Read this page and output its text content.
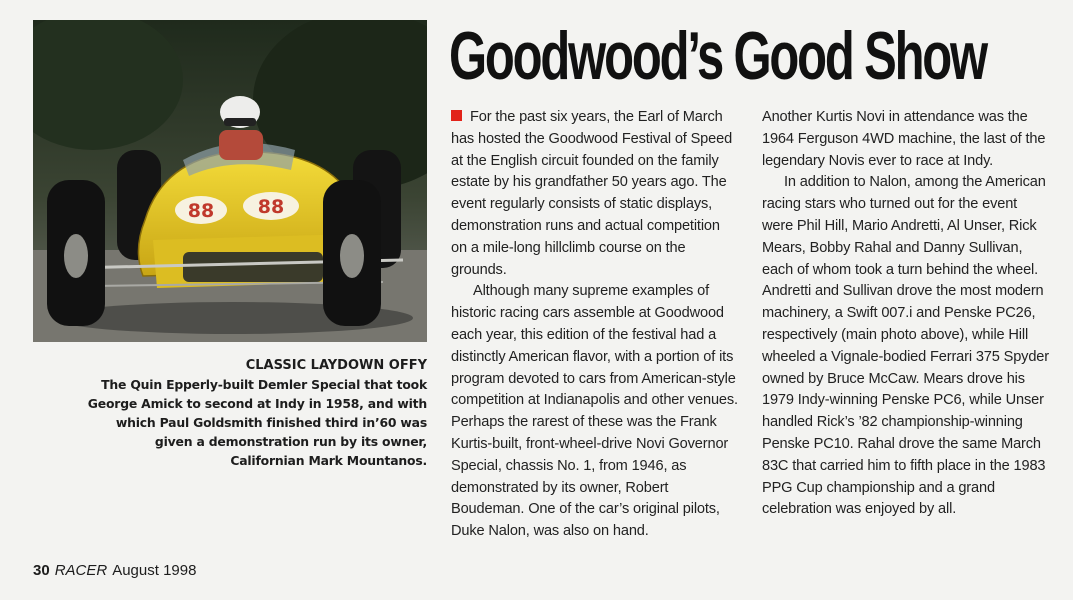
88 88
CLASSIC LAYDOWN OFFY

The Quin Epperly-built Demler Special that took George Amick to second at Indy in 1958, and with which Paul Goldsmith finished third in’60 was given a demonstration run by its owner, Californian Mark Mountanos.

Goodwood’s Good Show

For the past six years, the Earl of March has hosted the Goodwood Festival of Speed at the English circuit founded on the family estate by his grandfather 50 years ago. The event regularly consists of static displays, demonstration runs and actual competition on a mile-long hillclimb course on the grounds.

Although many supreme examples of historic racing cars assemble at Goodwood each year, this edition of the festival had a distinctly American flavor, with a portion of its program devoted to cars from American-style competition at Indianapolis and other venues. Perhaps the rarest of these was the Frank Kurtis-built, front-wheel-drive Novi Governor Special, chassis No. 1, from 1946, as demonstrated by its owner, Robert Boudeman. One of the car’s original pilots, Duke Nalon, was also on hand.

Another Kurtis Novi in attendance was the 1964 Ferguson 4WD machine, the last of the legendary Novis ever to race at Indy.

In addition to Nalon, among the American racing stars who turned out for the event were Phil Hill, Mario Andretti, Al Unser, Rick Mears, Bobby Rahal and Danny Sullivan, each of whom took a turn behind the wheel. Andretti and Sullivan drove the most modern machinery, a Swift 007.i and Penske PC26, respectively (main photo above), while Hill wheeled a Vignale-bodied Ferrari 375 Spyder owned by Bruce McCaw. Mears drove his 1979 Indy-winning Penske PC6, while Unser handled Rick’s ’82 championship-winning Penske PC10. Rahal drove the same March 83C that carried him to fifth place in the 1983 PPG Cup championship and a grand celebration was enjoyed by all.

30 RACER August 1998
